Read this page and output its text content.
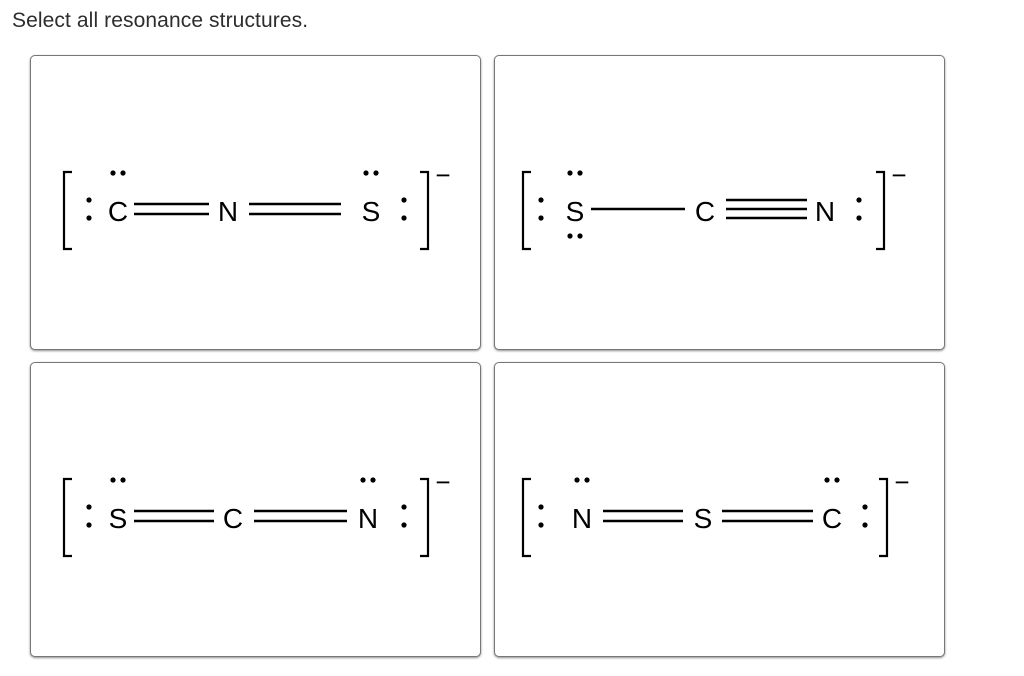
Select all resonance structures.
C	N	S
−
S	C	N
−
S	C	N
−
N	S	C
−
